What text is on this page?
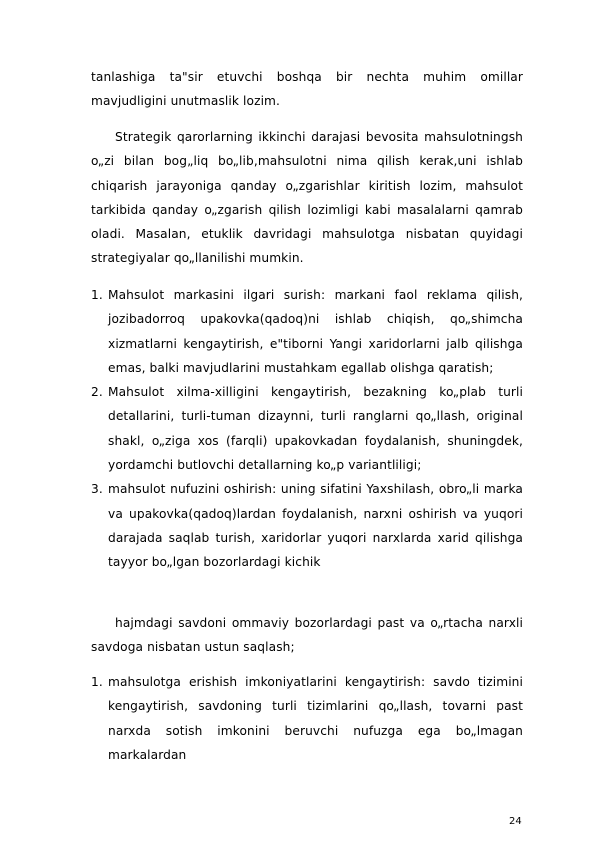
tanlashiga ta"sir etuvchi boshqa bir nechta muhim omillar mavjudligini unutmaslik lozim.

Strategik qarorlarning ikkinchi darajasi bevosita mahsulotningsh o„zi bilan bog„liq bo„lib,mahsulotni nima qilish kerak,uni ishlab chiqarish jarayoniga qanday o„zgarishlar kiritish lozim, mahsulot tarkibida qanday o„zgarish qilish lozimligi kabi masalalarni qamrab oladi. Masalan, etuklik davridagi mahsulotga nisbatan quyidagi strategiyalar qo„llanilishi mumkin.

1. Mahsulot markasini ilgari surish: markani faol reklama qilish, jozibadorroq upakovka(qadoq)ni ishlab chiqish, qo„shimcha xizmatlarni kengaytirish, e"tiborni Yangi xaridorlarni jalb qilishga emas, balki mavjudlarini mustahkam egallab olishga qaratish;
2. Mahsulot xilma-xilligini kengaytirish, bezakning ko„plab turli detallarini, turli-tuman dizaynni, turli ranglarni qo„llash, original shakl, o„ziga xos (farqli) upakovkadan foydalanish, shuningdek, yordamchi butlovchi detallarning ko„p variantliligi;
3. mahsulot nufuzini oshirish: uning sifatini Yaxshilash, obro„li marka va upakovka(qadoq)lardan foydalanish, narxni oshirish va yuqori darajada saqlab turish, xaridorlar yuqori narxlarda xarid qilishga tayyor bo„lgan bozorlardagi kichik

hajmdagi savdoni ommaviy bozorlardagi past va o„rtacha narxli savdoga nisbatan ustun saqlash;

1. mahsulotga erishish imkoniyatlarini kengaytirish: savdo tizimini kengaytirish, savdoning turli tizimlarini qo„llash, tovarni past narxda sotish imkonini beruvchi nufuzga ega bo„lmagan markalardan
24
